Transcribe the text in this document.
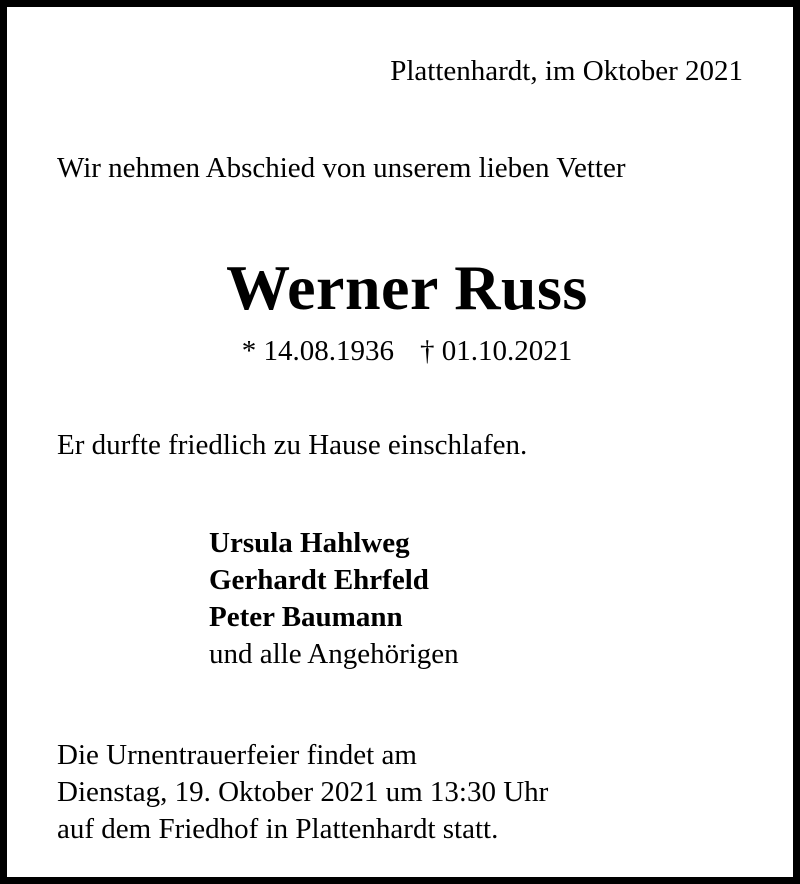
Plattenhardt, im Oktober 2021

Wir nehmen Abschied von unserem lieben Vetter

Werner Russ

* 14.08.1936 † 01.10.2021

Er durfte friedlich zu Hause einschlafen.

Ursula Hahlweg
Gerhardt Ehrfeld
Peter Baumann
und alle Angehörigen
Die Urnentrauerfeier findet am
Dienstag, 19. Oktober 2021 um 13:30 Uhr
auf dem Friedhof in Plattenhardt statt.
